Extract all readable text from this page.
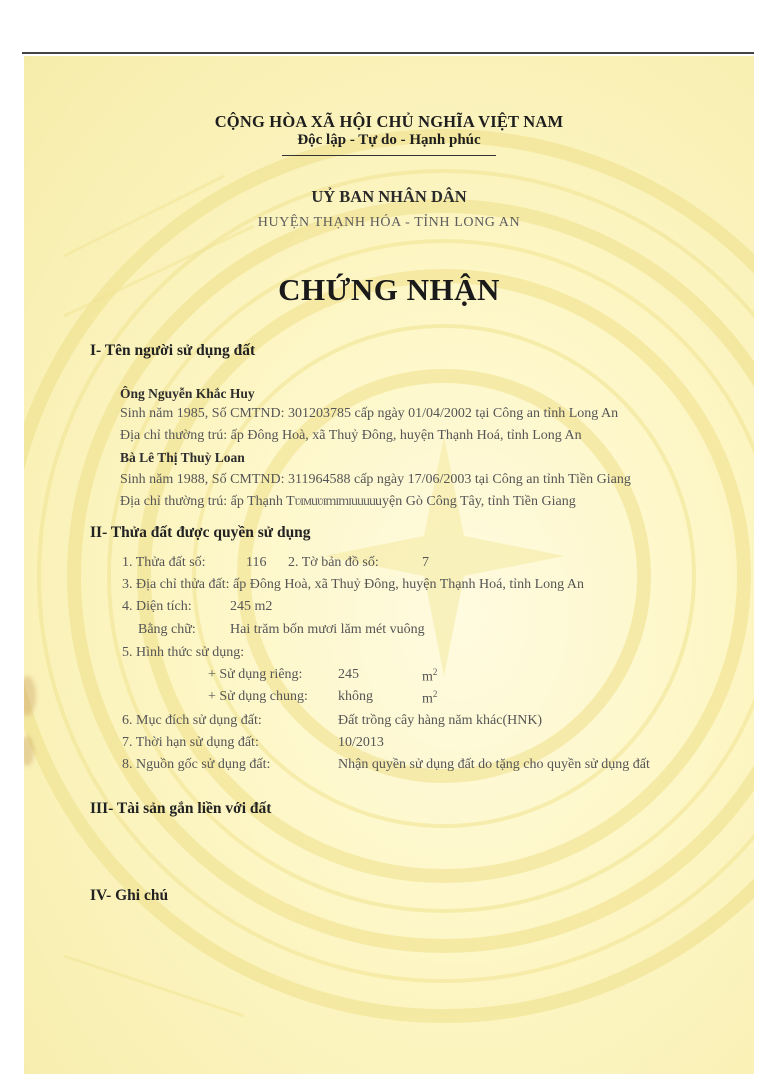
CỘNG HÒA XÃ HỘI CHỦ NGHĨA VIỆT NAM
Độc lập - Tự do - Hạnh phúc
UỶ BAN NHÂN DÂN
HUYỆN THẠNH HÓA - TỈNH LONG AN
CHỨNG NHẬN
I- Tên người sử dụng đất
Ông Nguyễn Khắc Huy
Sinh năm 1985, Số CMTND: 301203785 cấp ngày 01/04/2002 tại Công an tỉnh Long An
Địa chỉ thường trú: ấp Đông Hoà, xã Thuỷ Đông, huyện Thạnh Hoá, tỉnh Long An
Bà Lê Thị Thuỳ Loan
Sinh năm 1988, Số CMTND: 311964588 cấp ngày 17/06/2003 tại Công an tỉnh Tiền Giang
Địa chỉ thường trú: ấp Thạnh Tʋɪмuʋɪmɪmɪuuuuuyện Gò Công Tây, tỉnh Tiền Giang
II- Thửa đất được quyền sử dụng
1. Thửa đất số:	116 2. Tờ bản đồ số:	7
3. Địa chỉ thửa đất: ấp Đông Hoà, xã Thuỷ Đông, huyện Thạnh Hoá, tỉnh Long An
4. Diện tích:	245 m2
Bằng chữ: Hai trăm bốn mươi lăm mét vuông
5. Hình thức sử dụng:
+ Sử dụng riêng:	245	$m^2$
+ Sử dụng chung: không	$m^2$
6. Mục đích sử dụng đất:	Đất trồng cây hàng năm khác(HNK)
7. Thời hạn sử dụng đất:	10/2013
8. Nguồn gốc sử dụng đất:	Nhận quyền sử dụng đất do tặng cho quyền sử dụng đất
III- Tài sản gắn liền với đất
IV- Ghi chú
